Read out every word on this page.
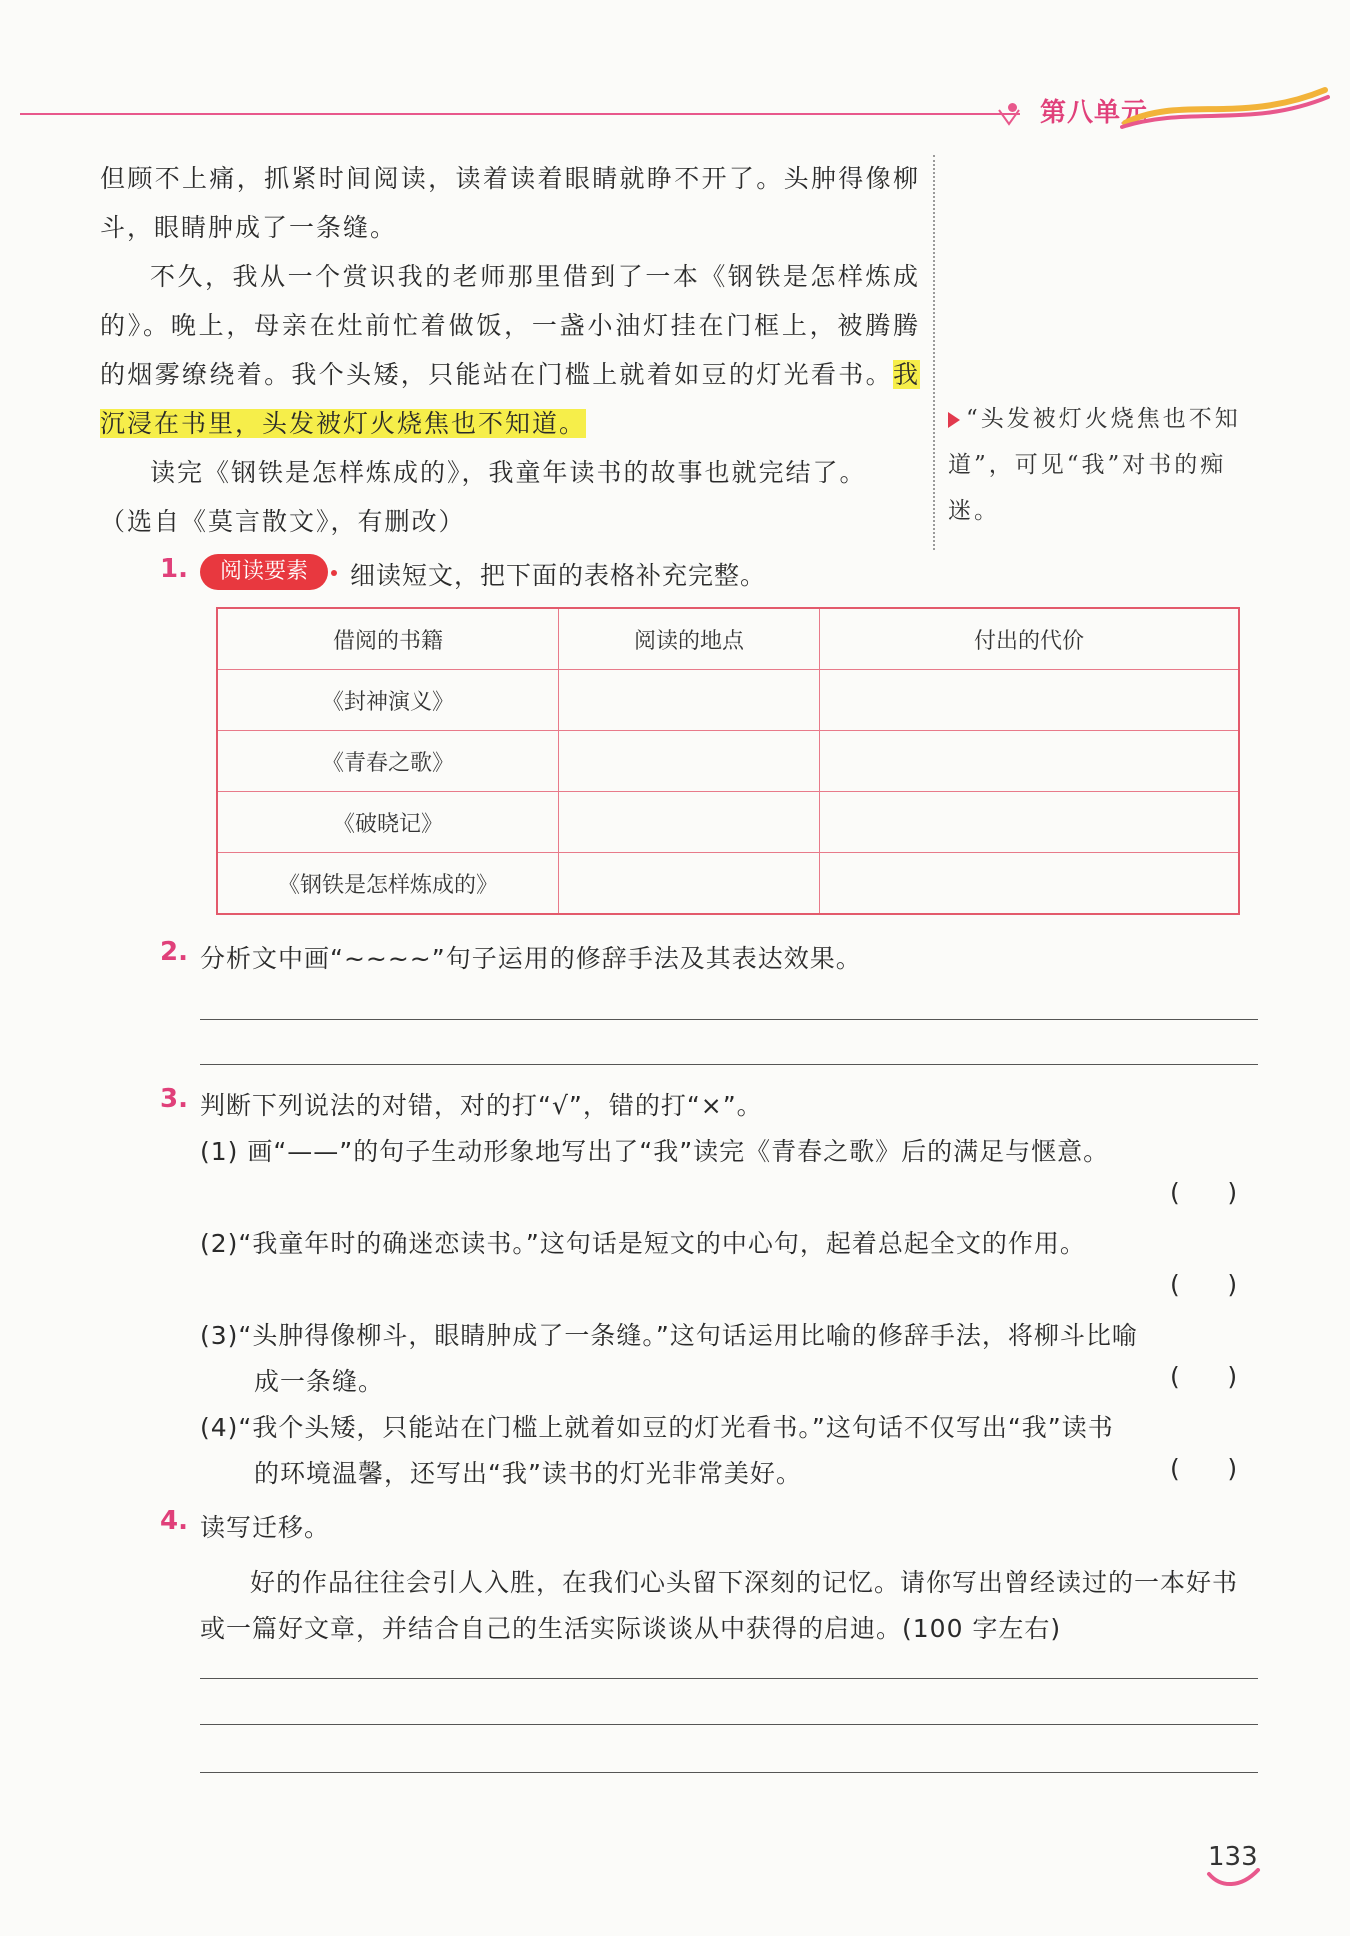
第八单元

但顾不上痛，抓紧时间阅读，读着读着眼睛就睁不开了。头肿得像柳斗，眼睛肿成了一条缝。

不久，我从一个赏识我的老师那里借到了一本《钢铁是怎样炼成的》。晚上，母亲在灶前忙着做饭，一盏小油灯挂在门框上，被腾腾的烟雾缭绕着。我个头矮，只能站在门槛上就着如豆的灯光看书。我沉浸在书里，头发被灯火烧焦也不知道。

读完《钢铁是怎样炼成的》，我童年读书的故事也就完结了。

（选自《莫言散文》，有删改）

“头发被灯火烧焦也不知道”，可见“我”对书的痴迷。
1.	阅读要素	细读短文，把下面的表格补充完整。
借阅的书籍	阅读的地点	付出的代价
《封神演义》		
《青春之歌》		
《破晓记》		
《钢铁是怎样炼成的》		
2. 分析文中画“~~~~”句子运用的修辞手法及其表达效果。
3. 判断下列说法的对错，对的打“√”，错的打“×”。
(1) 画“——”的句子生动形象地写出了“我”读完《青春之歌》后的满足与惬意。
(      )
(2)“我童年时的确迷恋读书。”这句话是短文的中心句，起着总起全文的作用。
(      )
(3)“头肿得像柳斗，眼睛肿成了一条缝。”这句话运用比喻的修辞手法，将柳斗比喻
成一条缝。	(      )
(4)“我个头矮，只能站在门槛上就着如豆的灯光看书。”这句话不仅写出“我”读书
的环境温馨，还写出“我”读书的灯光非常美好。	(      )
4. 读写迁移。

好的作品往往会引人入胜，在我们心头留下深刻的记忆。请你写出曾经读过的一本好书或一篇好文章，并结合自己的生活实际谈谈从中获得的启迪。(100 字左右)

133
